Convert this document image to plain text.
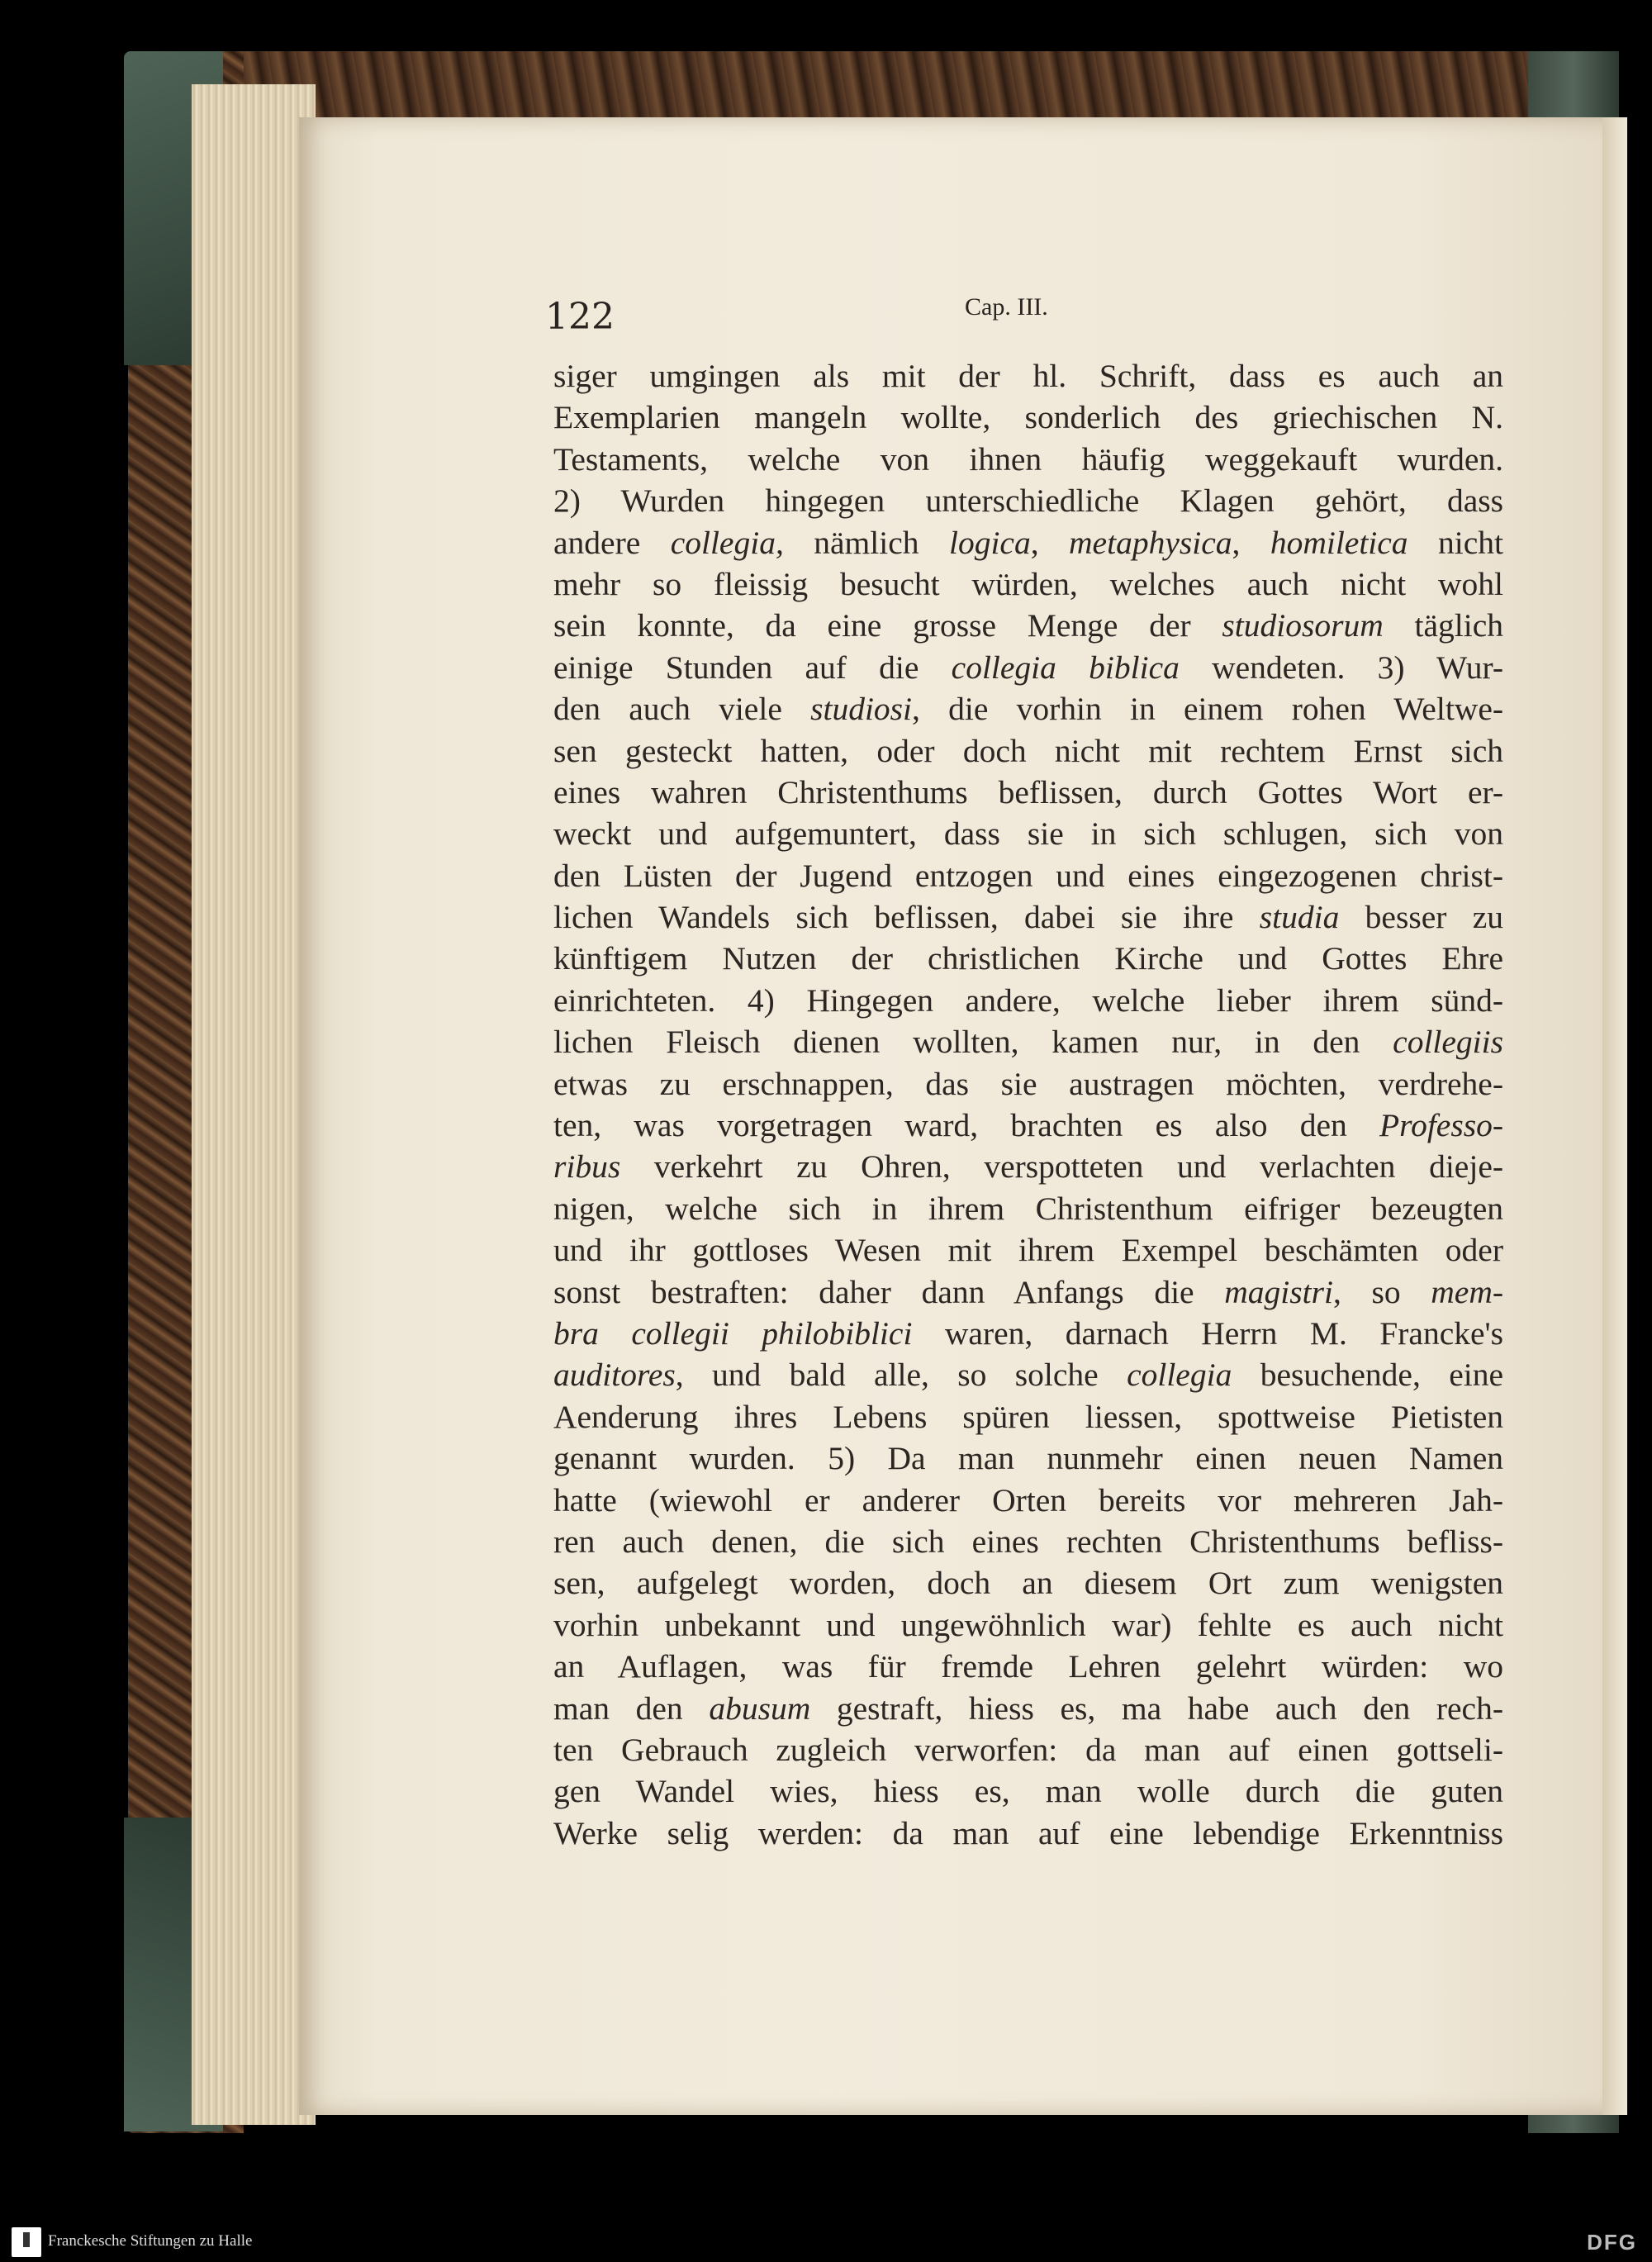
122	Cap. III.
siger umgingen als mit der hl. Schrift, dass es auch an
Exemplarien mangeln wollte, sonderlich des griechischen N.
Testaments, welche von ihnen häufig weggekauft wurden.
2) Wurden hingegen unterschiedliche Klagen gehört, dass
andere collegia, nämlich logica, metaphysica, homiletica nicht
mehr so fleissig besucht würden, welches auch nicht wohl
sein konnte, da eine grosse Menge der studiosorum täglich
einige Stunden auf die collegia biblica wendeten. 3) Wur-
den auch viele studiosi, die vorhin in einem rohen Weltwe-
sen gesteckt hatten, oder doch nicht mit rechtem Ernst sich
eines wahren Christenthums beflissen, durch Gottes Wort er-
weckt und aufgemuntert, dass sie in sich schlugen, sich von
den Lüsten der Jugend entzogen und eines eingezogenen christ-
lichen Wandels sich beflissen, dabei sie ihre studia besser zu
künftigem Nutzen der christlichen Kirche und Gottes Ehre
einrichteten. 4) Hingegen andere, welche lieber ihrem sünd-
lichen Fleisch dienen wollten, kamen nur, in den collegiis
etwas zu erschnappen, das sie austragen möchten, verdrehe-
ten, was vorgetragen ward, brachten es also den Professo-
ribus verkehrt zu Ohren, verspotteten und verlachten dieje-
nigen, welche sich in ihrem Christenthum eifriger bezeugten
und ihr gottloses Wesen mit ihrem Exempel beschämten oder
sonst bestraften: daher dann Anfangs die magistri, so mem-
bra collegii philobiblici waren, darnach Herrn M. Francke's
auditores, und bald alle, so solche collegia besuchende, eine
Aenderung ihres Lebens spüren liessen, spottweise Pietisten
genannt wurden. 5) Da man nunmehr einen neuen Namen
hatte (wiewohl er anderer Orten bereits vor mehreren Jah-
ren auch denen, die sich eines rechten Christenthums befliss-
sen, aufgelegt worden, doch an diesem Ort zum wenigsten
vorhin unbekannt und ungewöhnlich war) fehlte es auch nicht
an Auflagen, was für fremde Lehren gelehrt würden: wo
man den abusum gestraft, hiess es, ma habe auch den rech-
ten Gebrauch zugleich verworfen: da man auf einen gottseli-
gen Wandel wies, hiess es, man wolle durch die guten
Werke selig werden: da man auf eine lebendige Erkenntniss
Franckesche Stiftungen zu Halle	DFG
